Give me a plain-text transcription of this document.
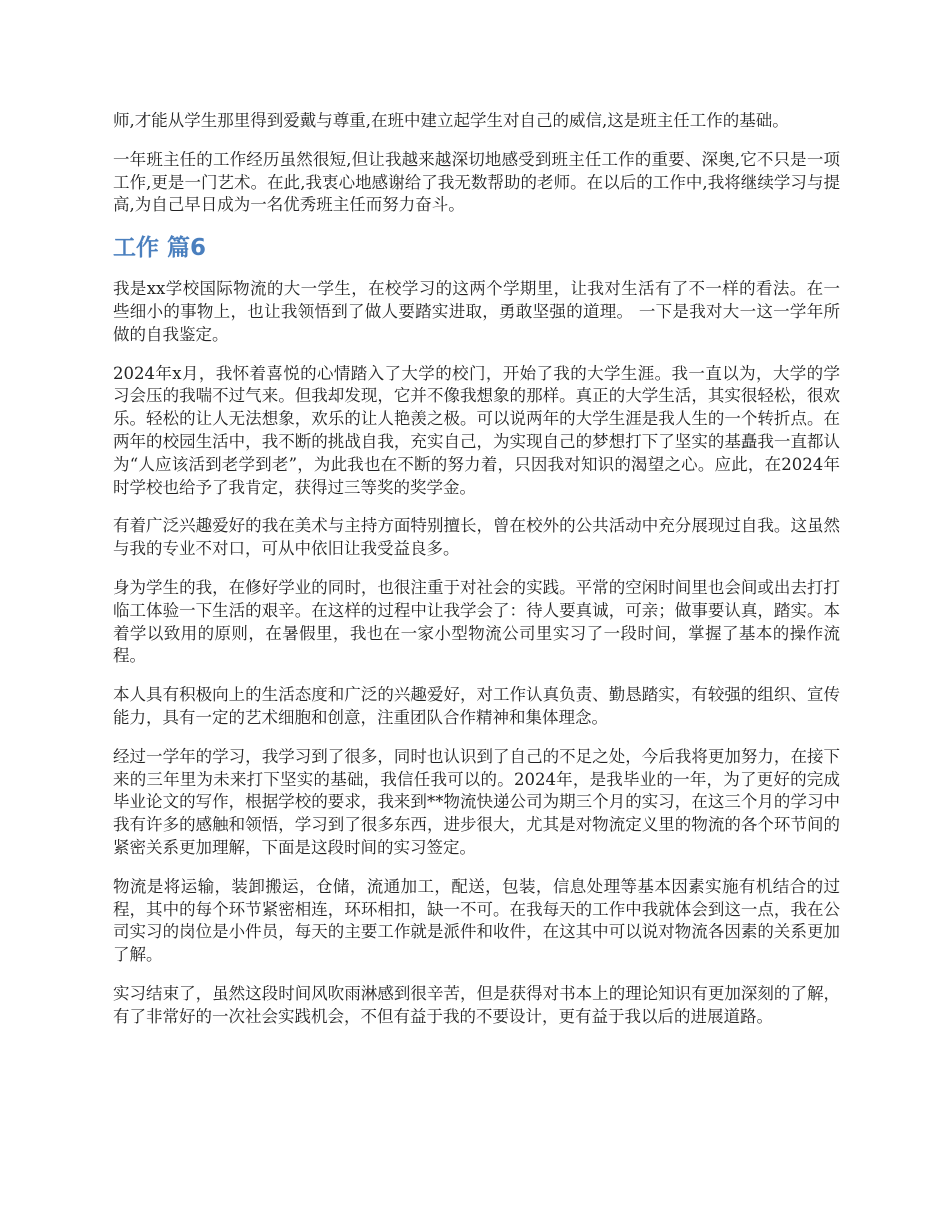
师,才能从学生那里得到爱戴与尊重,在班中建立起学生对自己的威信,这是班主任工作的基础。

一年班主任的工作经历虽然很短,但让我越来越深切地感受到班主任工作的重要、深奥,它不只是一项工作,更是一门艺术。在此,我衷心地感谢给了我无数帮助的老师。在以后的工作中,我将继续学习与提高,为自己早日成为一名优秀班主任而努力奋斗。

工作 篇6

我是xx学校国际物流的大一学生，在校学习的这两个学期里，让我对生活有了不一样的看法。在一些细小的事物上，也让我领悟到了做人要踏实进取，勇敢坚强的道理。 一下是我对大一这一学年所做的自我鉴定。

2024年x月，我怀着喜悦的心情踏入了大学的校门，开始了我的大学生涯。我一直以为，大学的学习会压的我喘不过气来。但我却发现，它并不像我想象的那样。真正的大学生活，其实很轻松，很欢乐。轻松的让人无法想象，欢乐的让人艳羡之极。可以说两年的大学生涯是我人生的一个转折点。在两年的校园生活中，我不断的挑战自我，充实自己，为实现自己的梦想打下了坚实的基矗我一直都认为“人应该活到老学到老”，为此我也在不断的努力着，只因我对知识的渴望之心。应此，在2024年时学校也给予了我肯定，获得过三等奖的奖学金。

有着广泛兴趣爱好的我在美术与主持方面特别擅长，曾在校外的公共活动中充分展现过自我。这虽然与我的专业不对口，可从中依旧让我受益良多。

身为学生的我，在修好学业的同时，也很注重于对社会的实践。平常的空闲时间里也会间或出去打打临工体验一下生活的艰辛。在这样的过程中让我学会了：待人要真诚，可亲；做事要认真，踏实。本着学以致用的原则，在暑假里，我也在一家小型物流公司里实习了一段时间，掌握了基本的操作流程。

本人具有积极向上的生活态度和广泛的兴趣爱好，对工作认真负责、勤恳踏实，有较强的组织、宣传能力，具有一定的艺术细胞和创意，注重团队合作精神和集体理念。

经过一学年的学习，我学习到了很多，同时也认识到了自己的不足之处，今后我将更加努力，在接下来的三年里为未来打下坚实的基础，我信任我可以的。2024年，是我毕业的一年，为了更好的完成毕业论文的写作，根据学校的要求，我来到**物流快递公司为期三个月的实习，在这三个月的学习中我有许多的感触和领悟，学习到了很多东西，进步很大，尤其是对物流定义里的物流的各个环节间的紧密关系更加理解，下面是这段时间的实习签定。

物流是将运输，装卸搬运，仓储，流通加工，配送，包装，信息处理等基本因素实施有机结合的过程，其中的每个环节紧密相连，环环相扣，缺一不可。在我每天的工作中我就体会到这一点，我在公司实习的岗位是小件员，每天的主要工作就是派件和收件，在这其中可以说对物流各因素的关系更加了解。

实习结束了，虽然这段时间风吹雨淋感到很辛苦，但是获得对书本上的理论知识有更加深刻的了解，有了非常好的一次社会实践机会，不但有益于我的不要设计，更有益于我以后的进展道路。
